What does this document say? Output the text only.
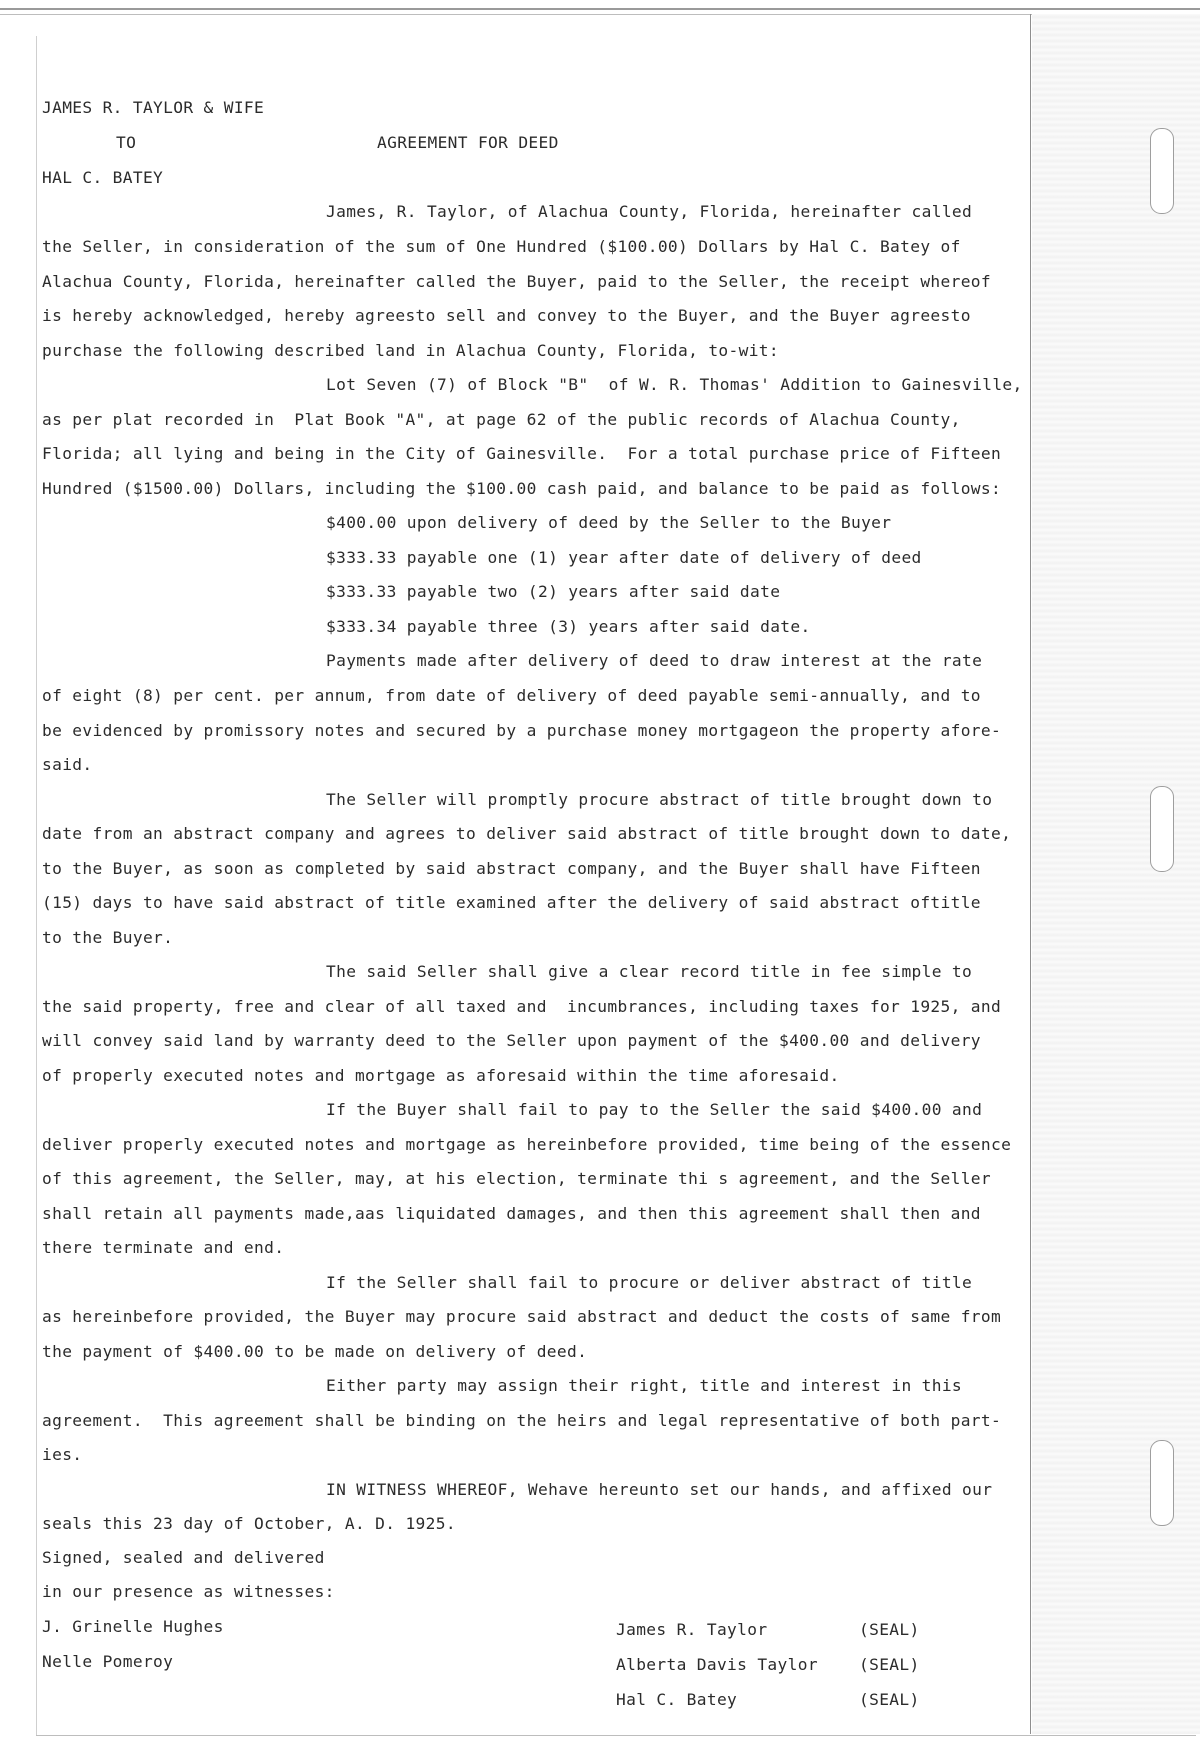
JAMES R. TAYLOR & WIFE
TO	AGREEMENT FOR DEED
HAL C. BATEY
James, R. Taylor, of Alachua County, Florida, hereinafter called
the Seller, in consideration of the sum of One Hundred ($100.00) Dollars by Hal C. Batey of
Alachua County, Florida, hereinafter called the Buyer, paid to the Seller, the receipt whereof
is hereby acknowledged, hereby agreesto sell and convey to the Buyer, and the Buyer agreesto
purchase the following described land in Alachua County, Florida, to-wit:
Lot Seven (7) of Block "B"  of W. R. Thomas' Addition to Gainesville,
as per plat recorded in  Plat Book "A", at page 62 of the public records of Alachua County,
Florida; all lying and being in the City of Gainesville.  For a total purchase price of Fifteen
Hundred ($1500.00) Dollars, including the $100.00 cash paid, and balance to be paid as follows:
$400.00 upon delivery of deed by the Seller to the Buyer
$333.33 payable one (1) year after date of delivery of deed
$333.33 payable two (2) years after said date
$333.34 payable three (3) years after said date.
Payments made after delivery of deed to draw interest at the rate
of eight (8) per cent. per annum, from date of delivery of deed payable semi-annually, and to
be evidenced by promissory notes and secured by a purchase money mortgageon the property afore-
said.
The Seller will promptly procure abstract of title brought down to
date from an abstract company and agrees to deliver said abstract of title brought down to date,
to the Buyer, as soon as completed by said abstract company, and the Buyer shall have Fifteen
(15) days to have said abstract of title examined after the delivery of said abstract oftitle
to the Buyer.
The said Seller shall give a clear record title in fee simple to
the said property, free and clear of all taxed and  incumbrances, including taxes for 1925, and
will convey said land by warranty deed to the Seller upon payment of the $400.00 and delivery
of properly executed notes and mortgage as aforesaid within the time aforesaid.
If the Buyer shall fail to pay to the Seller the said $400.00 and
deliver properly executed notes and mortgage as hereinbefore provided, time being of the essence
of this agreement, the Seller, may, at his election, terminate thi s agreement, and the Seller
shall retain all payments made,aas liquidated damages, and then this agreement shall then and
there terminate and end.
If the Seller shall fail to procure or deliver abstract of title
as hereinbefore provided, the Buyer may procure said abstract and deduct the costs of same from
the payment of $400.00 to be made on delivery of deed.
Either party may assign their right, title and interest in this
agreement.  This agreement shall be binding on the heirs and legal representative of both part-
ies.
IN WITNESS WHEREOF, Wehave hereunto set our hands, and affixed our
seals this 23 day of October, A. D. 1925.
Signed, sealed and delivered
in our presence as witnesses:
J. Grinelle Hughes
Nelle Pomeroy
James R. Taylor	(SEAL)
Alberta Davis Taylor	(SEAL)
Hal C. Batey	(SEAL)
